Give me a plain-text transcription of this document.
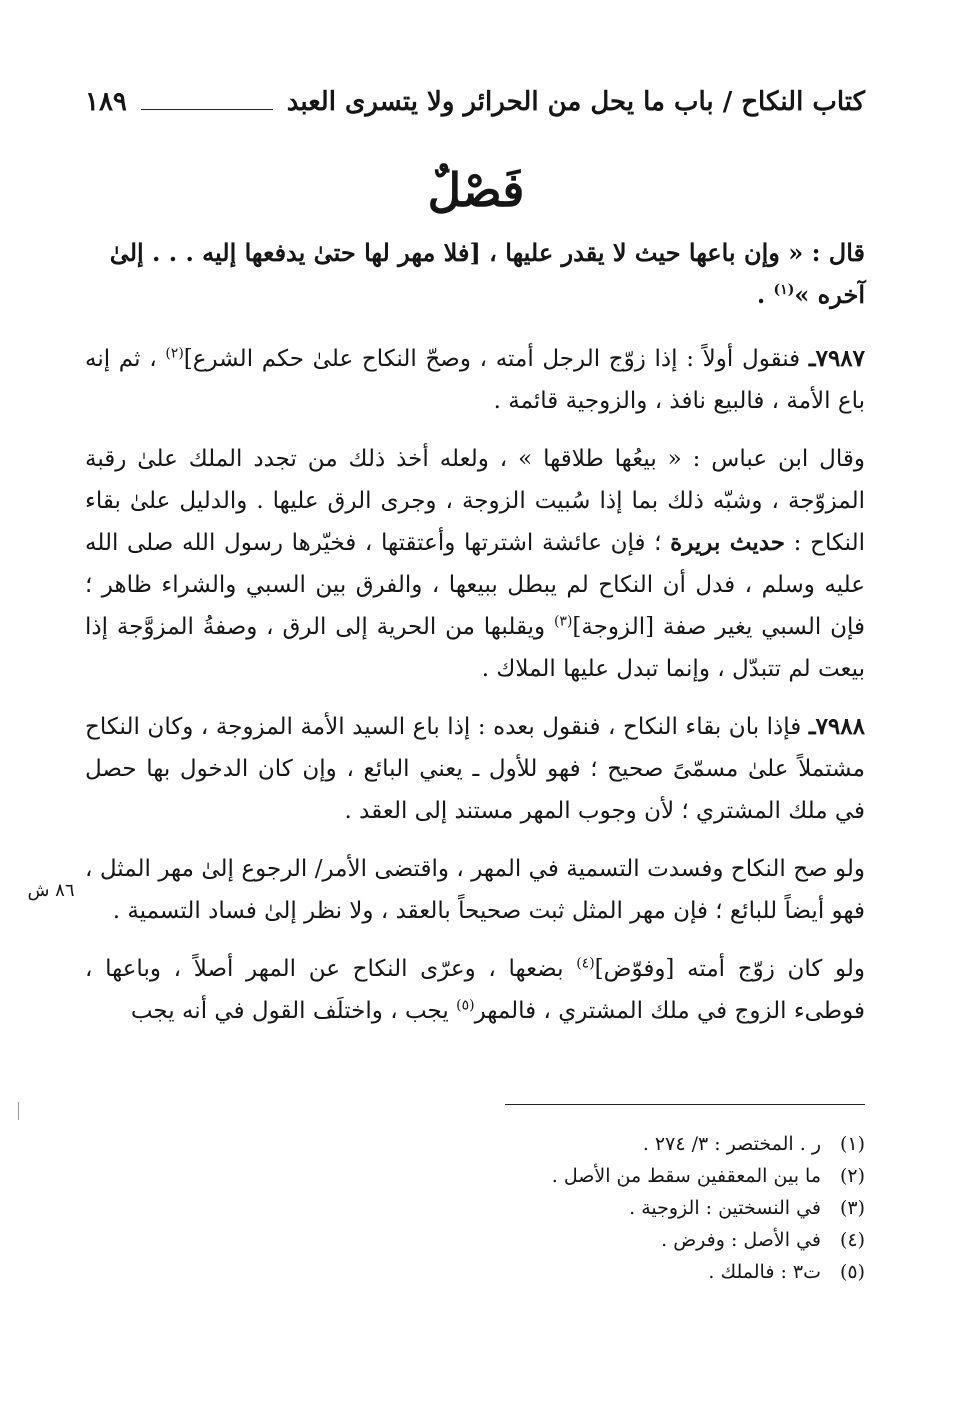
كتاب النكاح / باب ما يحل من الحرائر ولا يتسرى العبد
١٨٩
فَصْلٌ
قال : « وإن باعها حيث لا يقدر عليها ، [فلا مهر لها حتىٰ يدفعها إليه . . . إلىٰ
آخره »$^{(١)}$ .

٧٩٨٧ـ فنقول أولاً : إذا زوّج الرجل أمته ، وصحّ النكاح علىٰ حكم الشرع]$^{(٢)}$ ، ثم إنه باع الأمة ، فالبيع نافذ ، والزوجية قائمة .

وقال ابن عباس : « بيعُها طلاقها » ، ولعله أخذ ذلك من تجدد الملك علىٰ رقبة المزوّجة ، وشبّه ذلك بما إذا سُبيت الزوجة ، وجرى الرق عليها . والدليل علىٰ بقاء النكاح : حديث بريرة ؛ فإن عائشة اشترتها وأعتقتها ، فخيّرها رسول الله صلى الله عليه وسلم ، فدل أن النكاح لم يبطل ببيعها ، والفرق بين السبي والشراء ظاهر ؛ فإن السبي يغير صفة [الزوجة]$^{(٣)}$ ويقلبها من الحرية إلى الرق ، وصفةُ المزوَّجة إذا بيعت لم تتبدّل ، وإنما تبدل عليها الملاك .

٧٩٨٨ـ فإذا بان بقاء النكاح ، فنقول بعده : إذا باع السيد الأمة المزوجة ، وكان النكاح مشتملاً علىٰ مسمّىً صحيح ؛ فهو للأول ـ يعني البائع ، وإن كان الدخول بها حصل في ملك المشتري ؛ لأن وجوب المهر مستند إلى العقد .

ولو صح النكاح وفسدت التسمية في المهر ، واقتضى الأمر/ الرجوع إلىٰ مهر المثل ، فهو أيضاً للبائع ؛ فإن مهر المثل ثبت صحيحاً بالعقد ، ولا نظر إلىٰ فساد التسمية .

ولو كان زوّج أمته [وفوّض]$^{(٤)}$ بضعها ، وعرّى النكاح عن المهر أصلاً ، وباعها ، فوطىء الزوج في ملك المشتري ، فالمهر$^{(٥)}$ يجب ، واختلَف القول في أنه يجب

٨٦ ش
(١)
ر . المختصر : ٣/ ٢٧٤ .
(٢)
ما بين المعقفين سقط من الأصل .
(٣)
في النسختين : الزوجية .
(٤)
في الأصل : وفرض .
(٥)
ت٣ : فالملك .
